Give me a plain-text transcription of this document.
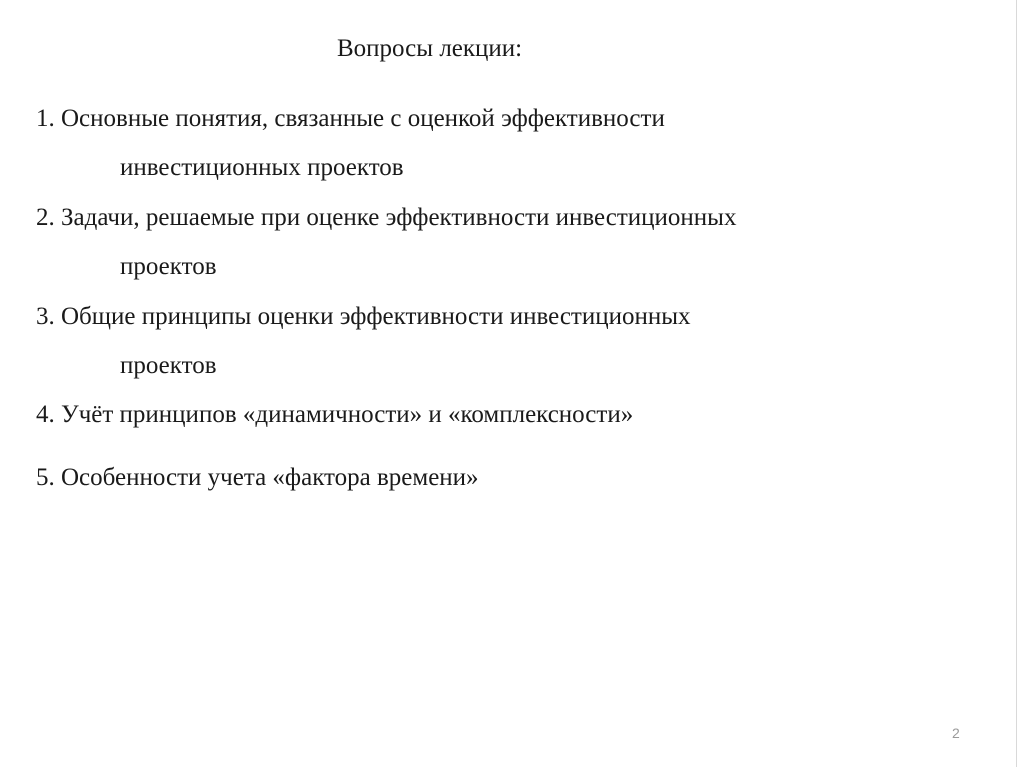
Вопросы лекции:
1. Основные понятия, связанные с оценкой эффективности
инвестиционных проектов
2. Задачи, решаемые при оценке эффективности инвестиционных
проектов
3. Общие принципы оценки эффективности инвестиционных
проектов
4. Учёт принципов «динамичности» и «комплексности»
5. Особенности учета «фактора времени»
2
